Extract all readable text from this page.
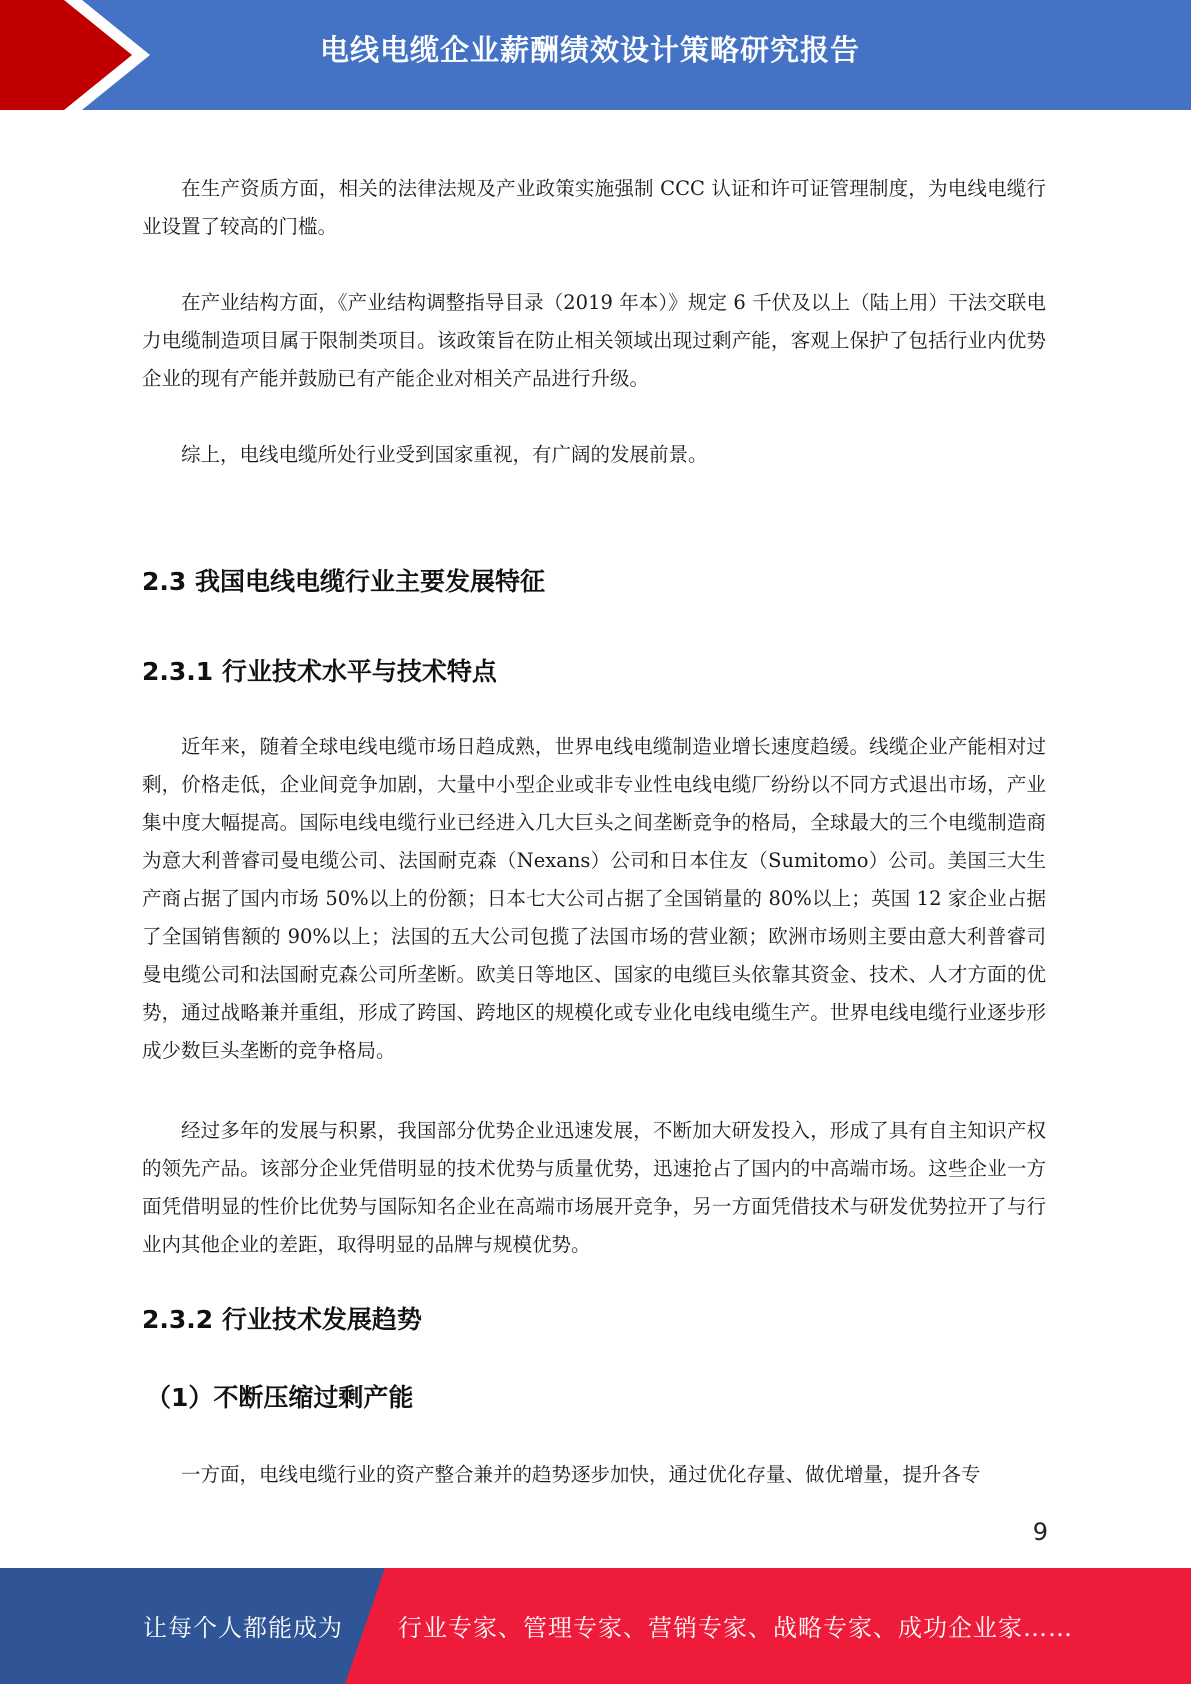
电线电缆企业薪酬绩效设计策略研究报告

在生产资质方面，相关的法律法规及产业政策实施强制 CCC 认证和许可证管理制度，为电线电缆行业设置了较高的门槛。

在产业结构方面，《产业结构调整指导目录（2019 年本）》规定 6 千伏及以上（陆上用）干法交联电力电缆制造项目属于限制类项目。该政策旨在防止相关领域出现过剩产能，客观上保护了包括行业内优势企业的现有产能并鼓励已有产能企业对相关产品进行升级。

综上，电线电缆所处行业受到国家重视，有广阔的发展前景。

2.3 我国电线电缆行业主要发展特征
2.3.1 行业技术水平与技术特点

近年来，随着全球电线电缆市场日趋成熟，世界电线电缆制造业增长速度趋缓。线缆企业产能相对过剩，价格走低，企业间竞争加剧，大量中小型企业或非专业性电线电缆厂纷纷以不同方式退出市场，产业集中度大幅提高。国际电线电缆行业已经进入几大巨头之间垄断竞争的格局，全球最大的三个电缆制造商为意大利普睿司曼电缆公司、法国耐克森（Nexans）公司和日本住友（Sumitomo）公司。美国三大生产商占据了国内市场 50%以上的份额；日本七大公司占据了全国销量的 80%以上；英国 12 家企业占据了全国销售额的 90%以上；法国的五大公司包揽了法国市场的营业额；欧洲市场则主要由意大利普睿司曼电缆公司和法国耐克森公司所垄断。欧美日等地区、国家的电缆巨头依靠其资金、技术、人才方面的优势，通过战略兼并重组，形成了跨国、跨地区的规模化或专业化电线电缆生产。世界电线电缆行业逐步形成少数巨头垄断的竞争格局。

经过多年的发展与积累，我国部分优势企业迅速发展，不断加大研发投入，形成了具有自主知识产权的领先产品。该部分企业凭借明显的技术优势与质量优势，迅速抢占了国内的中高端市场。这些企业一方面凭借明显的性价比优势与国际知名企业在高端市场展开竞争，另一方面凭借技术与研发优势拉开了与行业内其他企业的差距，取得明显的品牌与规模优势。

2.3.2 行业技术发展趋势
（1）不断压缩过剩产能

一方面，电线电缆行业的资产整合兼并的趋势逐步加快，通过优化存量、做优增量，提升各专

9
让每个人都能成为 行业专家、管理专家、营销专家、战略专家、成功企业家……
